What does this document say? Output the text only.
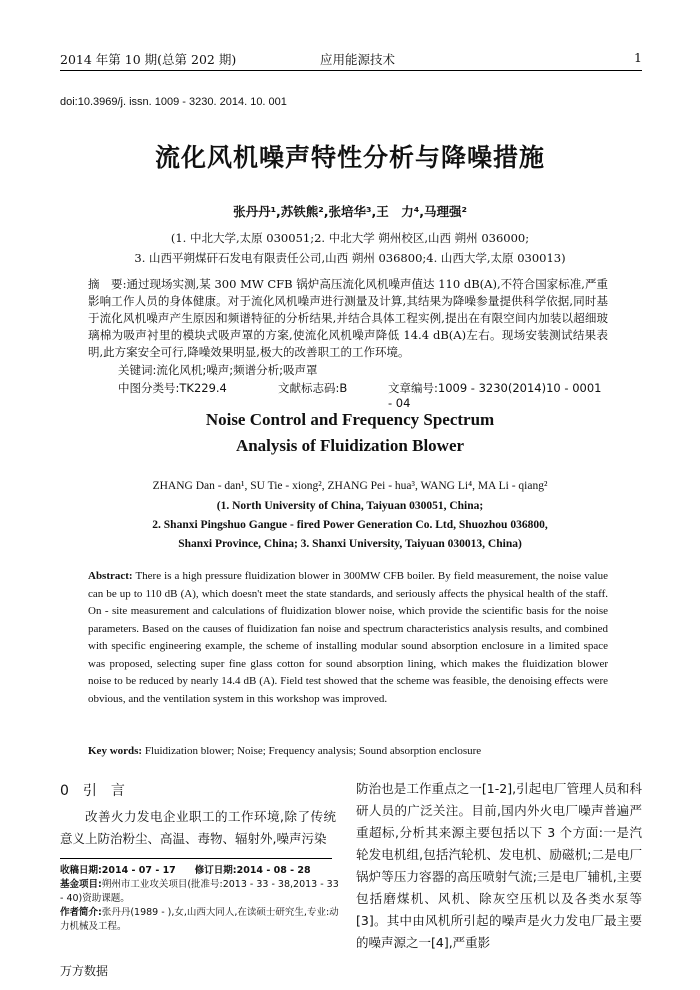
2014 年第 10 期(总第 202 期)	应用能源技术	1
doi:10.3969/j. issn. 1009 - 3230. 2014. 10. 001
流化风机噪声特性分析与降噪措施
张丹丹¹,苏铁熊²,张培华³,王　力⁴,马理强²
(1. 中北大学,太原 030051;2. 中北大学 朔州校区,山西 朔州 036000;
3. 山西平朔煤矸石发电有限责任公司,山西 朔州 036800;4. 山西大学,太原 030013)
摘　要:通过现场实测,某 300 MW CFB 锅炉高压流化风机噪声值达 110 dB(A),不符合国家标准,严重影响工作人员的身体健康。对于流化风机噪声进行测量及计算,其结果为降噪参量提供科学依据,同时基于流化风机噪声产生原因和频谱特征的分析结果,并结合具体工程实例,提出在有限空间内加装以超细玻璃棉为吸声衬里的模块式吸声罩的方案,使流化风机噪声降低 14.4 dB(A)左右。现场安装测试结果表明,此方案安全可行,降噪效果明显,极大的改善职工的工作环境。
关键词:流化风机;噪声;频谱分析;吸声罩
中图分类号:TK229.4	文献标志码:B	文章编号:1009 - 3230(2014)10 - 0001 - 04
Noise Control and Frequency Spectrum
Analysis of Fluidization Blower
ZHANG Dan - dan¹, SU Tie - xiong², ZHANG Pei - hua³, WANG Li⁴, MA Li - qiang²
(1. North University of China, Taiyuan 030051, China;
2. Shanxi Pingshuo Gangue - fired Power Generation Co. Ltd, Shuozhou 036800,
Shanxi Province, China; 3. Shanxi University, Taiyuan 030013, China)
Abstract: There is a high pressure fluidization blower in 300MW CFB boiler. By field measurement, the noise value can be up to 110 dB (A), which doesn't meet the state standards, and seriously affects the physical health of the staff. On - site measurement and calculations of fluidization blower noise, which provide the scientific basis for the noise parameters. Based on the causes of fluidization fan noise and spectrum characteristics analysis results, and combined with specific engineering example, the scheme of installing modular sound absorption enclosure in a limited space was proposed, selecting super fine glass cotton for sound absorption lining, which makes the fluidization blower noise to be reduced by nearly 14.4 dB (A). Field test showed that the scheme was feasible, the denoising effects were obvious, and the ventilation system in this workshop was improved.
Key words: Fluidization blower; Noise; Frequency analysis; Sound absorption enclosure
0　引　言
改善火力发电企业职工的工作环境,除了传统意义上防治粉尘、高温、毒物、辐射外,噪声污染
收稿日期:2014 - 07 - 17　　修订日期:2014 - 08 - 28
基金项目:朔州市工业攻关项目(批准号:2013 - 33 - 38,2013 - 33 - 40)资助课题。
作者简介:张丹丹(1989 - ),女,山西大同人,在读硕士研究生,专业:动力机械及工程。
防治也是工作重点之一[1-2],引起电厂管理人员和科研人员的广泛关注。目前,国内外火电厂噪声普遍严重超标,分析其来源主要包括以下 3 个方面:一是汽轮发电机组,包括汽轮机、发电机、励磁机;二是电厂锅炉等压力容器的高压喷射气流;三是电厂辅机,主要包括磨煤机、风机、除灰空压机以及各类水泵等[3]。其中由风机所引起的噪声是火力发电厂最主要的噪声源之一[4],严重影
万方数据
